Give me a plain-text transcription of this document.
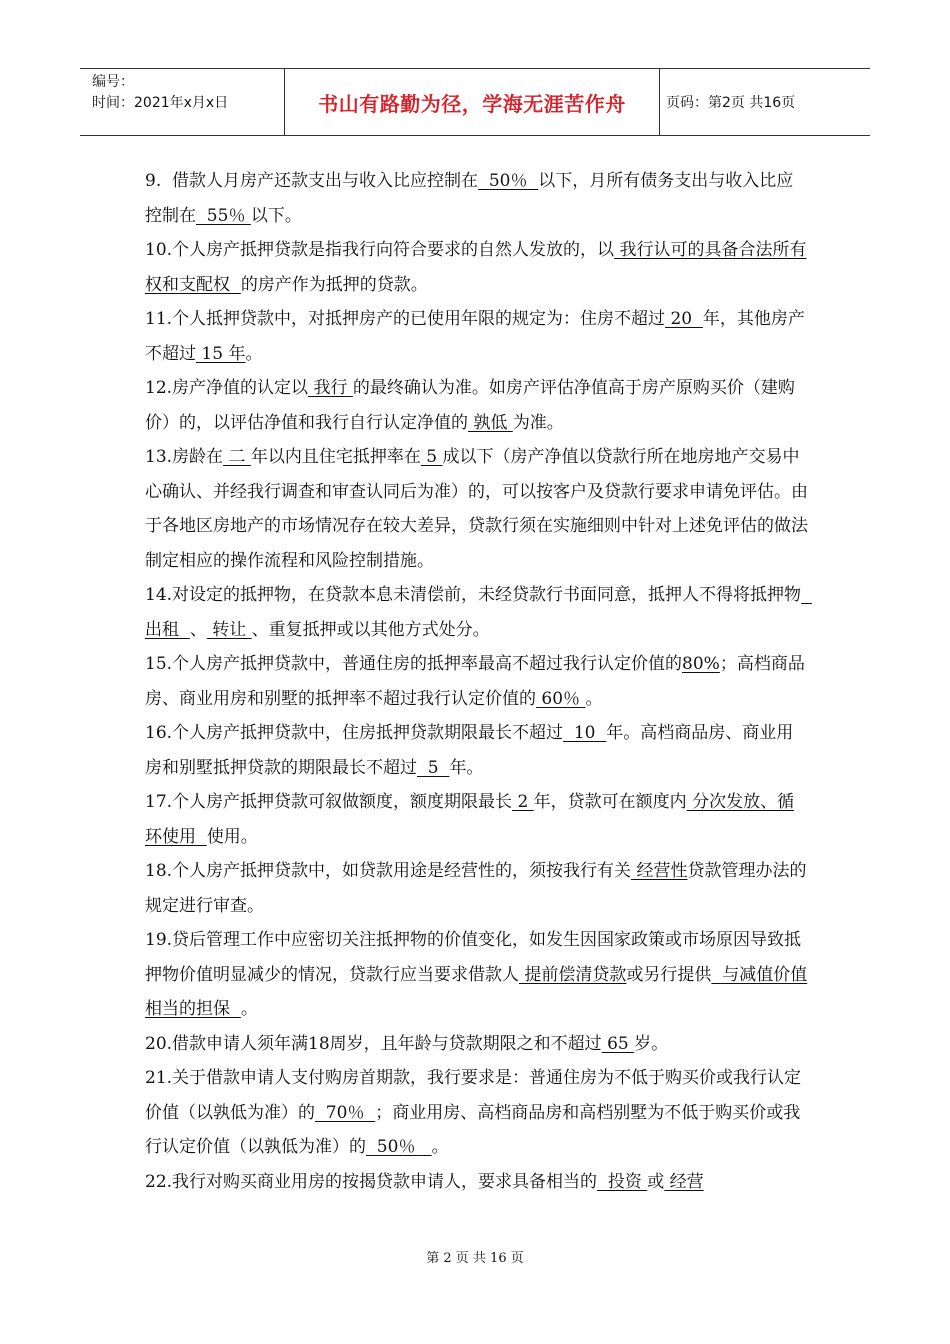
编号：
时间：2021年x月x日	书山有路勤为径，学海无涯苦作舟	页码：第2页 共16页

9.  借款人月房产还款支出与收入比应控制在  50％  以下，月所有债务支出与收入比应控制在  55％ 以下。

10.个人房产抵押贷款是指我行向符合要求的自然人发放的，以 我行认可的具备合法所有权和支配权  的房产作为抵押的贷款。

11.个人抵押贷款中，对抵押房产的已使用年限的规定为：住房不超过 20  年，其他房产不超过 15 年。

12.房产净值的认定以 我行 的最终确认为准。如房产评估净值高于房产原购买价（建购价）的，以评估净值和我行自行认定净值的 孰低 为准。

13.房龄在 二 年以内且住宅抵押率在 5 成以下（房产净值以贷款行所在地房地产交易中心确认、并经我行调查和审查认同后为准）的，可以按客户及贷款行要求申请免评估。由于各地区房地产的市场情况存在较大差异，贷款行须在实施细则中针对上述免评估的做法制定相应的操作流程和风险控制措施。

14.对设定的抵押物，在贷款本息未清偿前，未经贷款行书面同意，抵押人不得将抵押物  出租  、 转让 、重复抵押或以其他方式处分。

15.个人房产抵押贷款中，普通住房的抵押率最高不超过我行认定价值的80%；高档商品房、商业用房和别墅的抵押率不超过我行认定价值的 60％ 。

16.个人房产抵押贷款中，住房抵押贷款期限最长不超过  10  年。高档商品房、商业用房和别墅抵押贷款的期限最长不超过  5  年。

17.个人房产抵押贷款可叙做额度，额度期限最长 2 年，贷款可在额度内 分次发放、循环使用  使用。

18.个人房产抵押贷款中，如贷款用途是经营性的，须按我行有关 经营性贷款管理办法的规定进行审查。

19.贷后管理工作中应密切关注抵押物的价值变化，如发生因国家政策或市场原因导致抵押物价值明显减少的情况，贷款行应当要求借款人 提前偿清贷款或另行提供  与减值价值相当的担保  。

20.借款申请人须年满18周岁，且年龄与贷款期限之和不超过 65 岁。

21.关于借款申请人支付购房首期款，我行要求是：普通住房为不低于购买价或我行认定价值（以孰低为准）的  70％  ；商业用房、高档商品房和高档别墅为不低于购买价或我行认定价值（以孰低为准）的  50％   。

22.我行对购买商业用房的按揭贷款申请人，要求具备相当的  投资 或 经营

第 2 页 共 16 页
